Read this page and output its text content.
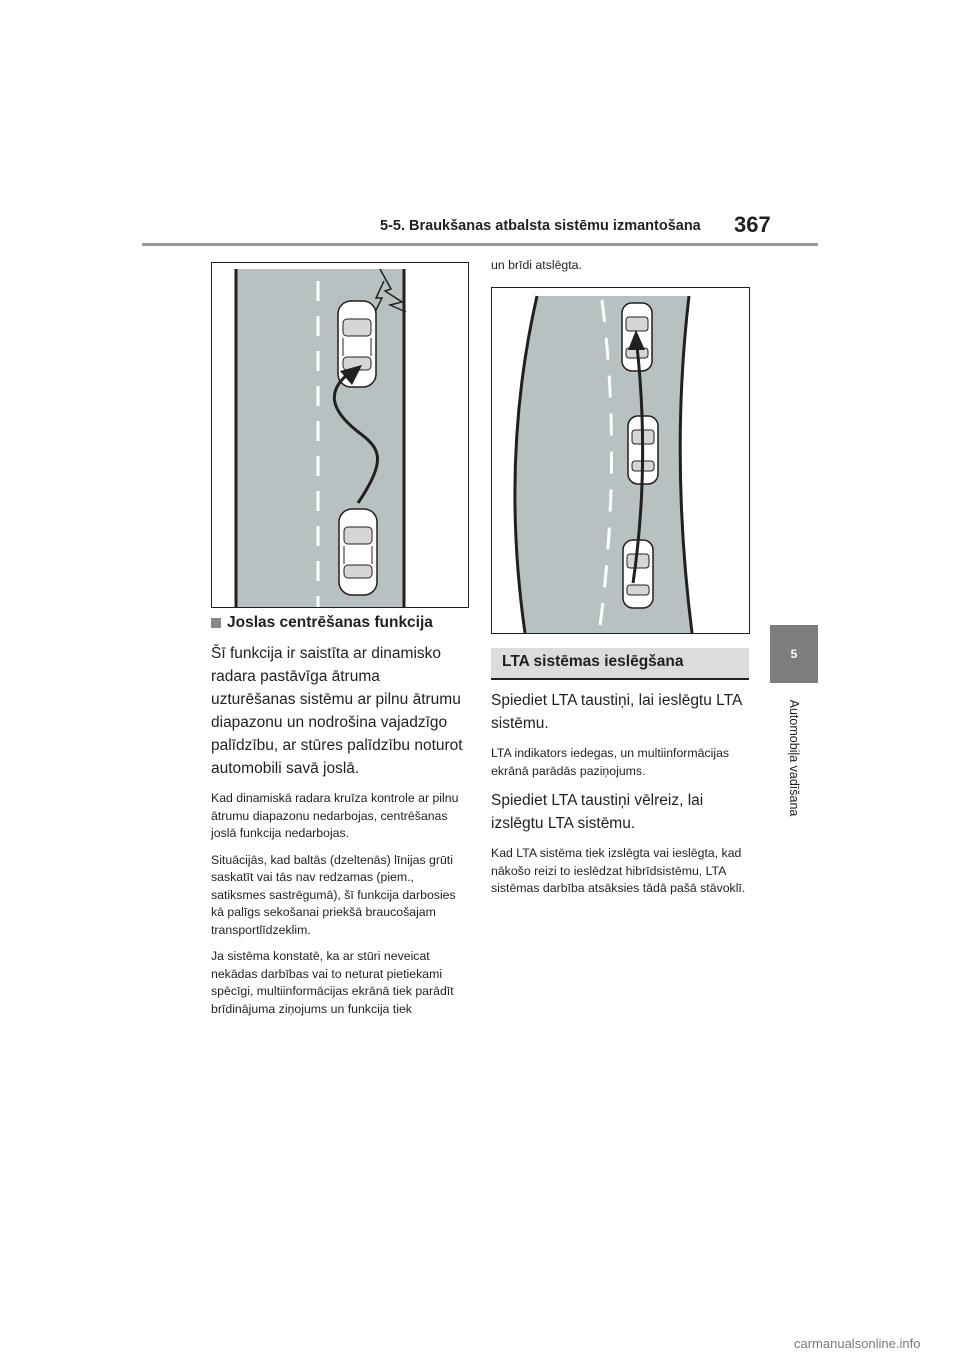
5-5. Braukšanas atbalsta sistēmu izmantošana 367
5
Automobiļa vadīšana
Joslas centrēšanas funkcija

Šī funkcija ir saistīta ar dinamisko radara pastāvīga ātruma uzturēšanas sistēmu ar pilnu ātrumu diapazonu un nodrošina vajadzīgo palīdzību, ar stūres palīdzību noturot automobili savā joslā.

Kad dinamiskā radara kruīza kontrole ar pilnu ātrumu diapazonu nedarbojas, centrēšanas joslā funkcija nedarbojas.

Situācijās, kad baltās (dzeltenās) līnijas grūti saskatīt vai tās nav redzamas (piem., satiksmes sastrēgumā), šī funkcija darbosies kā palīgs sekošanai priekšā braucošajam transportlīdzeklim.

Ja sistēma konstatē, ka ar stūri neveicat nekādas darbības vai to neturat pietiekami spēcīgi, multiinformācijas ekrānā tiek parādīt brīdinājuma ziņojums un funkcija tiek

un brīdi atslēgta.
LTA sistēmas ieslēgšana

Spiediet LTA taustiņi, lai ieslēgtu LTA sistēmu.

LTA indikators iedegas, un multiinformācijas ekrānā parādās paziņojums.

Spiediet LTA taustiņi vēlreiz, lai izslēgtu LTA sistēmu.

Kad LTA sistēma tiek izslēgta vai ieslēgta, kad nākošo reizi to ieslēdzat hibrīdsistēmu, LTA sistēmas darbība atsāksies tādā pašā stāvoklī.

carmanualsonline.info
